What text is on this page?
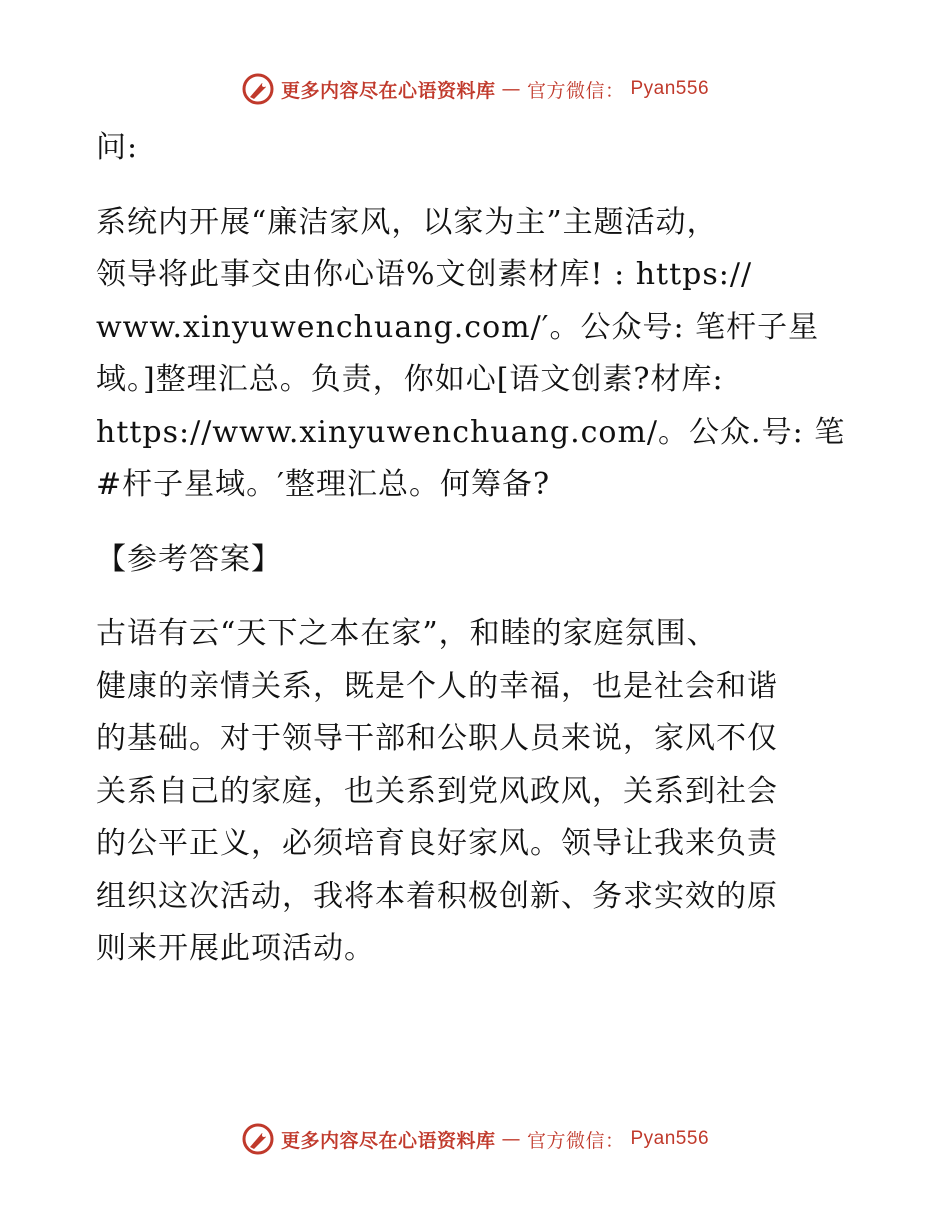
更多内容尽在心语资料库 — 官方微信： Pyan556
问:
系统内开展“廉洁家风，以家为主”主题活动，
领导将此事交由你心语%文创素材库! : https://
www.xinyuwenchuang.com/′。公众号: 笔杆子星
域。]整理汇总。负责，你如心[语文创素?材库:
https://www.xinyuwenchuang.com/。公众.号: 笔
#杆子星域。′整理汇总。何筹备?
【参考答案】
古语有云“天下之本在家”，和睦的家庭氛围、
健康的亲情关系，既是个人的幸福，也是社会和谐
的基础。对于领导干部和公职人员来说，家风不仅
关系自己的家庭，也关系到党风政风，关系到社会
的公平正义，必须培育良好家风。领导让我来负责
组织这次活动，我将本着积极创新、务求实效的原
则来开展此项活动。
更多内容尽在心语资料库 — 官方微信： Pyan556
